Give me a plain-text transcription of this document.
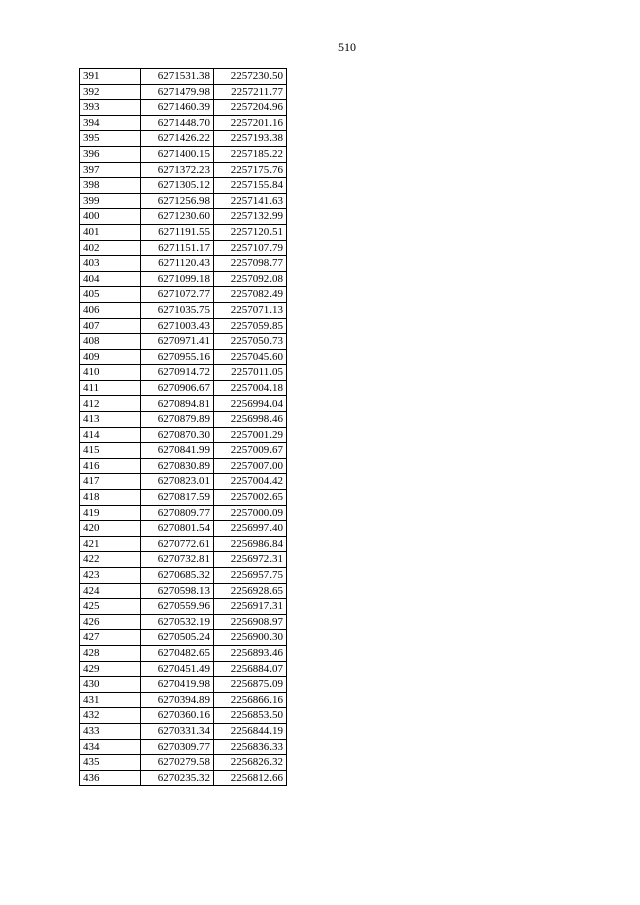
510
391	6271531.38	2257230.50
392	6271479.98	2257211.77
393	6271460.39	2257204.96
394	6271448.70	2257201.16
395	6271426.22	2257193.38
396	6271400.15	2257185.22
397	6271372.23	2257175.76
398	6271305.12	2257155.84
399	6271256.98	2257141.63
400	6271230.60	2257132.99
401	6271191.55	2257120.51
402	6271151.17	2257107.79
403	6271120.43	2257098.77
404	6271099.18	2257092.08
405	6271072.77	2257082.49
406	6271035.75	2257071.13
407	6271003.43	2257059.85
408	6270971.41	2257050.73
409	6270955.16	2257045.60
410	6270914.72	2257011.05
411	6270906.67	2257004.18
412	6270894.81	2256994.04
413	6270879.89	2256998.46
414	6270870.30	2257001.29
415	6270841.99	2257009.67
416	6270830.89	2257007.00
417	6270823.01	2257004.42
418	6270817.59	2257002.65
419	6270809.77	2257000.09
420	6270801.54	2256997.40
421	6270772.61	2256986.84
422	6270732.81	2256972.31
423	6270685.32	2256957.75
424	6270598.13	2256928.65
425	6270559.96	2256917.31
426	6270532.19	2256908.97
427	6270505.24	2256900.30
428	6270482.65	2256893.46
429	6270451.49	2256884.07
430	6270419.98	2256875.09
431	6270394.89	2256866.16
432	6270360.16	2256853.50
433	6270331.34	2256844.19
434	6270309.77	2256836.33
435	6270279.58	2256826.32
436	6270235.32	2256812.66
